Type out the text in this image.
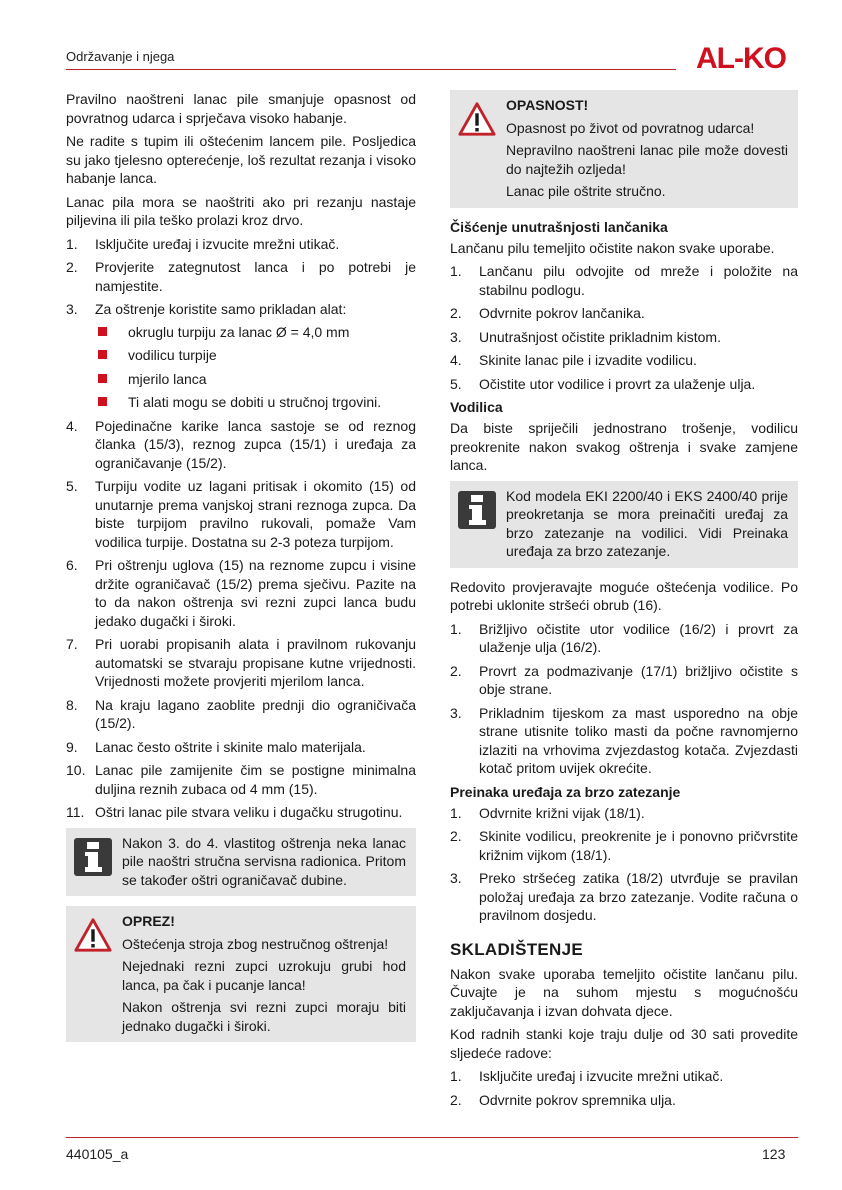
Održavanje i njega	AL-KO

Pravilno naoštreni lanac pile smanjuje opasnost od povratnog udarca i sprječava visoko habanje.

Ne radite s tupim ili oštećenim lancem pile. Posljedica su jako tjelesno opterećenje, loš rezultat rezanja i visoko habanje lanca.

Lanac pila mora se naoštriti ako pri rezanju nastaje piljevina ili pila teško prolazi kroz drvo.

1. Isključite uređaj i izvucite mrežni utikač.
2. Provjerite zategnutost lanca i po potrebi je namjestite.
3. Za oštrenje koristite samo prikladan alat:
okruglu turpiju za lanac Ø = 4,0 mm
vodilicu turpije
mjerilo lanca
Ti alati mogu se dobiti u stručnoj trgovini.
4. Pojedinačne karike lanca sastoje se od reznog članka (15/3), reznog zupca (15/1) i uređaja za ograničavanje (15/2).
5. Turpiju vodite uz lagani pritisak i okomito (15) od unutarnje prema vanjskoj strani reznoga zupca. Da biste turpijom pravilno rukovali, pomaže Vam vodilica turpije. Dostatna su 2-3 poteza turpijom.
6. Pri oštrenju uglova (15) na reznome zupcu i visine držite ograničavač (15/2) prema sječivu. Pazite na to da nakon oštrenja svi rezni zupci lanca budu jedako dugački i široki.
7. Pri uorabi propisanih alata i pravilnom rukovanju automatski se stvaraju propisane kutne vrijednosti. Vrijednosti možete provjeriti mjerilom lanca.
8. Na kraju lagano zaoblite prednji dio ograničivača (15/2).
9. Lanac često oštrite i skinite malo materijala.
10. Lanac pile zamijenite čim se postigne minimalna duljina reznih zubaca od 4 mm (15).
11. Oštri lanac pile stvara veliku i dugačku strugotinu.

Nakon 3. do 4. vlastitog oštrenja neka lanac pile naoštri stručna servisna radionica. Pritom se također oštri ograničavač dubine.

OPREZ!

Oštećenja stroja zbog nestručnog oštrenja!

Nejednaki rezni zupci uzrokuju grubi hod lanca, pa čak i pucanje lanca!

Nakon oštrenja svi rezni zupci moraju biti jednako dugački i široki.

OPASNOST!

Opasnost po život od povratnog udarca!

Nepravilno naoštreni lanac pile može dovesti do najtežih ozljeda!

Lanac pile oštrite stručno.

Čišćenje unutrašnjosti lančanika

Lančanu pilu temeljito očistite nakon svake uporabe.

1. Lančanu pilu odvojite od mreže i položite na stabilnu podlogu.
2. Odvrnite pokrov lančanika.
3. Unutrašnjost očistite prikladnim kistom.
4. Skinite lanac pile i izvadite vodilicu.
5. Očistite utor vodilice i provrt za ulaženje ulja.
Vodilica

Da biste spriječili jednostrano trošenje, vodilicu preokrenite nakon svakog oštrenja i svake zamjene lanca.

Kod modela EKI 2200/40 i EKS 2400/40 prije preokretanja se mora preinačiti uređaj za brzo zatezanje na vodilici. Vidi Preinaka uređaja za brzo zatezanje.

Redovito provjeravajte moguće oštećenja vodilice. Po potrebi uklonite stršeći obrub (16).

1. Brižljivo očistite utor vodilice (16/2) i provrt za ulaženje ulja (16/2).
2. Provrt za podmazivanje (17/1) brižljivo očistite s obje strane.
3. Prikladnim tijeskom za mast usporedno na obje strane utisnite toliko masti da počne ravnomjerno izlaziti na vrhovima zvjezdastog kotača. Zvjezdasti kotač pritom uvijek okrećite.
Preinaka uređaja za brzo zatezanje
1. Odvrnite križni vijak (18/1).
2. Skinite vodilicu, preokrenite je i ponovno pričvrstite križnim vijkom (18/1).
3. Preko stršećeg zatika (18/2) utvrđuje se pravilan položaj uređaja za brzo zatezanje. Vodite računa o pravilnom dosjedu.
SKLADIŠTENJE

Nakon svake uporaba temeljito očistite lančanu pilu. Čuvajte je na suhom mjestu s mogućnošću zaključavanja i izvan dohvata djece.

Kod radnih stanki koje traju dulje od 30 sati provedite sljedeće radove:

1. Isključite uređaj i izvucite mrežni utikač.
2. Odvrnite pokrov spremnika ulja.
440105_a	123
